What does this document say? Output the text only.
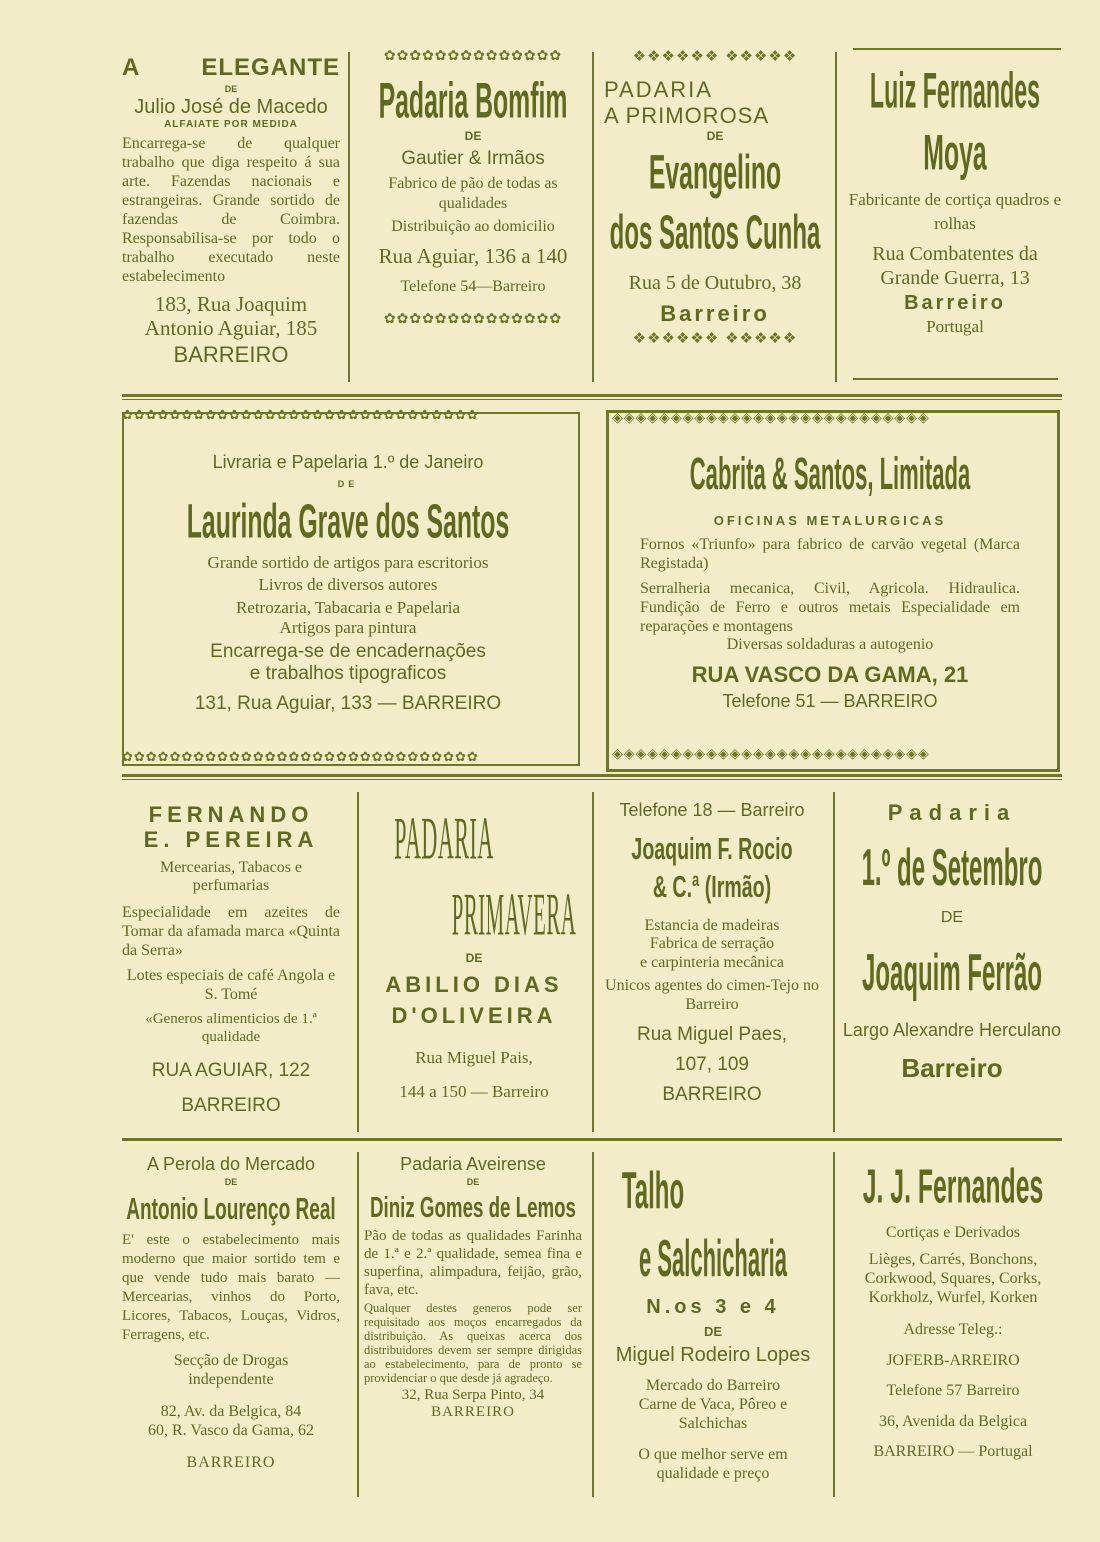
A ELEGANTE
DE
Julio José de Macedo
ALFAIATE POR MEDIDA
Encarrega-se de qualquer trabalho que diga respeito á sua arte. Fazendas nacionais e estrangeiras. Grande sortido de fazendas de Coimbra. Responsabilisa-se por todo o trabalho executado neste estabelecimento
183, Rua Joaquim Antonio Aguiar, 185
BARREIRO
✿✿✿✿✿✿✿✿✿✿✿✿✿✿
Padaria Bomfim
DE
Gautier & Irmãos
Fabrico de pão de todas as qualidades
Distribuição ao domicilio
Rua Aguiar, 136 a 140
Telefone 54—Barreiro
✿✿✿✿✿✿✿✿✿✿✿✿✿✿
❖❖❖❖❖❖ ❖❖❖❖❖
PADARIA
A PRIMOROSA
DE
Evangelino
dos Santos Cunha
Rua 5 de Outubro, 38
Barreiro
❖❖❖❖❖❖ ❖❖❖❖❖
Luiz Fernandes
Moya
Fabricante de cortiça quadros e rolhas
Rua Combatentes da Grande Guerra, 13
Barreiro
Portugal
✿✿✿✿✿✿✿✿✿✿✿✿✿✿✿✿✿✿✿✿✿✿✿✿✿✿✿✿✿✿
✿✿✿✿✿✿✿✿✿✿✿✿✿✿✿✿✿✿✿✿✿✿✿✿✿✿✿✿✿✿
Livraria e Papelaria 1.º de Janeiro
DE
Laurinda Grave dos Santos
Grande sortido de artigos para escritorios
Livros de diversos autores
Retrozaria, Tabacaria e Papelaria
Artigos para pintura
Encarrega-se de encadernações
e trabalhos tipograficos
131, Rua Aguiar, 133 — BARREIRO
◈◈◈◈◈◈◈◈◈◈◈◈◈◈◈◈◈◈◈◈◈◈◈◈◈◈◈
◈◈◈◈◈◈◈◈◈◈◈◈◈◈◈◈◈◈◈◈◈◈◈◈◈◈◈
Cabrita & Santos, Limitada
OFICINAS METALURGICAS
Fornos «Triunfo» para fabrico de carvão vegetal (Marca Registada)
Serralheria mecanica, Civil, Agricola. Hidraulica. Fundição de Ferro e outros metais Especialidade em reparações e montagens
Diversas soldaduras a autogenio
RUA VASCO DA GAMA, 21
Telefone 51 — BARREIRO
FERNANDO
E. PEREIRA
Mercearias, Tabacos e perfumarias
Especialidade em azeites de Tomar da afamada marca «Quinta da Serra»
Lotes especiais de café Angola e S. Tomé
«Generos alimenticios de 1.ª qualidade
RUA AGUIAR, 122
BARREIRO
PADARIA
PRIMAVERA
DE
ABILIO DIAS
D'OLIVEIRA
Rua Miguel Pais,
144 a 150 — Barreiro
Telefone 18 — Barreiro
Joaquim F. Rocio
& C.ª (Irmão)
Estancia de madeiras
Fabrica de serração
e carpinteria mecânica
Unicos agentes do cimen-Tejo no Barreiro
Rua Miguel Paes,
107, 109
BARREIRO
Padaria
1.º de Setembro
DE
Joaquim Ferrão
Largo Alexandre Herculano
Barreiro
A Perola do Mercado
DE
Antonio Lourenço Real
E' este o estabelecimento mais moderno que maior sortido tem e que vende tudo mais barato — Mercearias, vinhos do Porto, Licores, Tabacos, Louças, Vidros, Ferragens, etc.
Secção de Drogas independente
82, Av. da Belgica, 84
60, R. Vasco da Gama, 62
BARREIRO
Padaria Aveirense
DE
Diniz Gomes de Lemos
Pão de todas as qualidades Farinha de 1.ª e 2.ª qualidade, semea fina e superfina, alimpadura, feijão, grão, fava, etc.
Qualquer destes generos pode ser requisitado aos moços encarregados da distribuição. As queixas acerca dos distribuidores devem ser sempre dirigidas ao estabelecimento, para de pronto se providenciar o que desde já agradeço.
32, Rua Serpa Pinto, 34
BARREIRO
Talho
e Salchicharia
N.os 3 e 4
DE
Miguel Rodeiro Lopes
Mercado do Barreiro
Carne de Vaca, Pôreo e Salchichas
O que melhor serve em qualidade e preço
J. J. Fernandes
Cortiças e Derivados
Lièges, Carrés, Bonchons, Corkwood, Squares, Corks, Korkholz, Wurfel, Korken
Adresse Teleg.:
JOFERB-ARREIRO
Telefone 57 Barreiro
36, Avenida da Belgica
BARREIRO — Portugal
